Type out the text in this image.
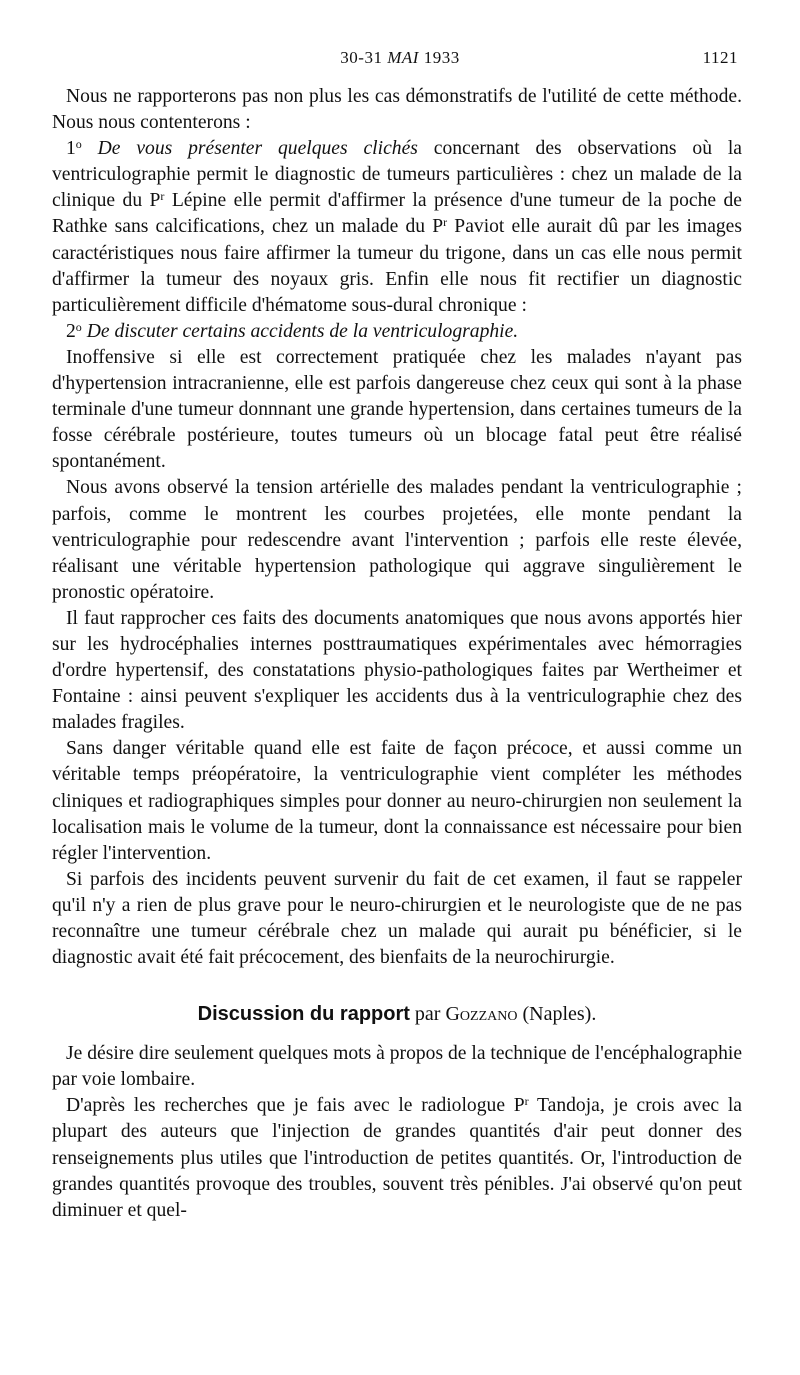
30-31 MAI 1933	1121

Nous ne rapporterons pas non plus les cas démonstratifs de l'utilité de cette méthode. Nous nous contenterons :

1$^o$ De vous présenter quelques clichés concernant des observations où la ventriculographie permit le diagnostic de tumeurs particulières : chez un malade de la clinique du $P^r$ Lépine elle permit d'affirmer la présence d'une tumeur de la poche de Rathke sans calcifications, chez un malade du $P^r$ Paviot elle aurait dû par les images caractéristiques nous faire affirmer la tumeur du trigone, dans un cas elle nous permit d'affirmer la tumeur des noyaux gris. Enfin elle nous fit rectifier un diagnostic particulièrement difficile d'hématome sous-dural chronique :

2$^o$ De discuter certains accidents de la ventriculographie.

Inoffensive si elle est correctement pratiquée chez les malades n'ayant pas d'hypertension intracranienne, elle est parfois dangereuse chez ceux qui sont à la phase terminale d'une tumeur donnnant une grande hypertension, dans certaines tumeurs de la fosse cérébrale postérieure, toutes tumeurs où un blocage fatal peut être réalisé spontanément.

Nous avons observé la tension artérielle des malades pendant la ventriculographie ; parfois, comme le montrent les courbes projetées, elle monte pendant la ventriculographie pour redescendre avant l'intervention ; parfois elle reste élevée, réalisant une véritable hypertension pathologique qui aggrave singulièrement le pronostic opératoire.

Il faut rapprocher ces faits des documents anatomiques que nous avons apportés hier sur les hydrocéphalies internes posttraumatiques expérimentales avec hémorragies d'ordre hypertensif, des constatations physio-pathologiques faites par Wertheimer et Fontaine : ainsi peuvent s'expliquer les accidents dus à la ventriculographie chez des malades fragiles.

Sans danger véritable quand elle est faite de façon précoce, et aussi comme un véritable temps préopératoire, la ventriculographie vient compléter les méthodes cliniques et radiographiques simples pour donner au neuro-chirurgien non seulement la localisation mais le volume de la tumeur, dont la connaissance est nécessaire pour bien régler l'intervention.

Si parfois des incidents peuvent survenir du fait de cet examen, il faut se rappeler qu'il n'y a rien de plus grave pour le neuro-chirurgien et le neurologiste que de ne pas reconnaître une tumeur cérébrale chez un malade qui aurait pu bénéficier, si le diagnostic avait été fait précocement, des bienfaits de la neurochirurgie.

Discussion du rapport par Gozzano (Naples).

Je désire dire seulement quelques mots à propos de la technique de l'encéphalographie par voie lombaire.

D'après les recherches que je fais avec le radiologue $P^r$ Tandoja, je crois avec la plupart des auteurs que l'injection de grandes quantités d'air peut donner des renseignements plus utiles que l'introduction de petites quantités. Or, l'introduction de grandes quantités provoque des troubles, souvent très pénibles. J'ai observé qu'on peut diminuer et quel-
